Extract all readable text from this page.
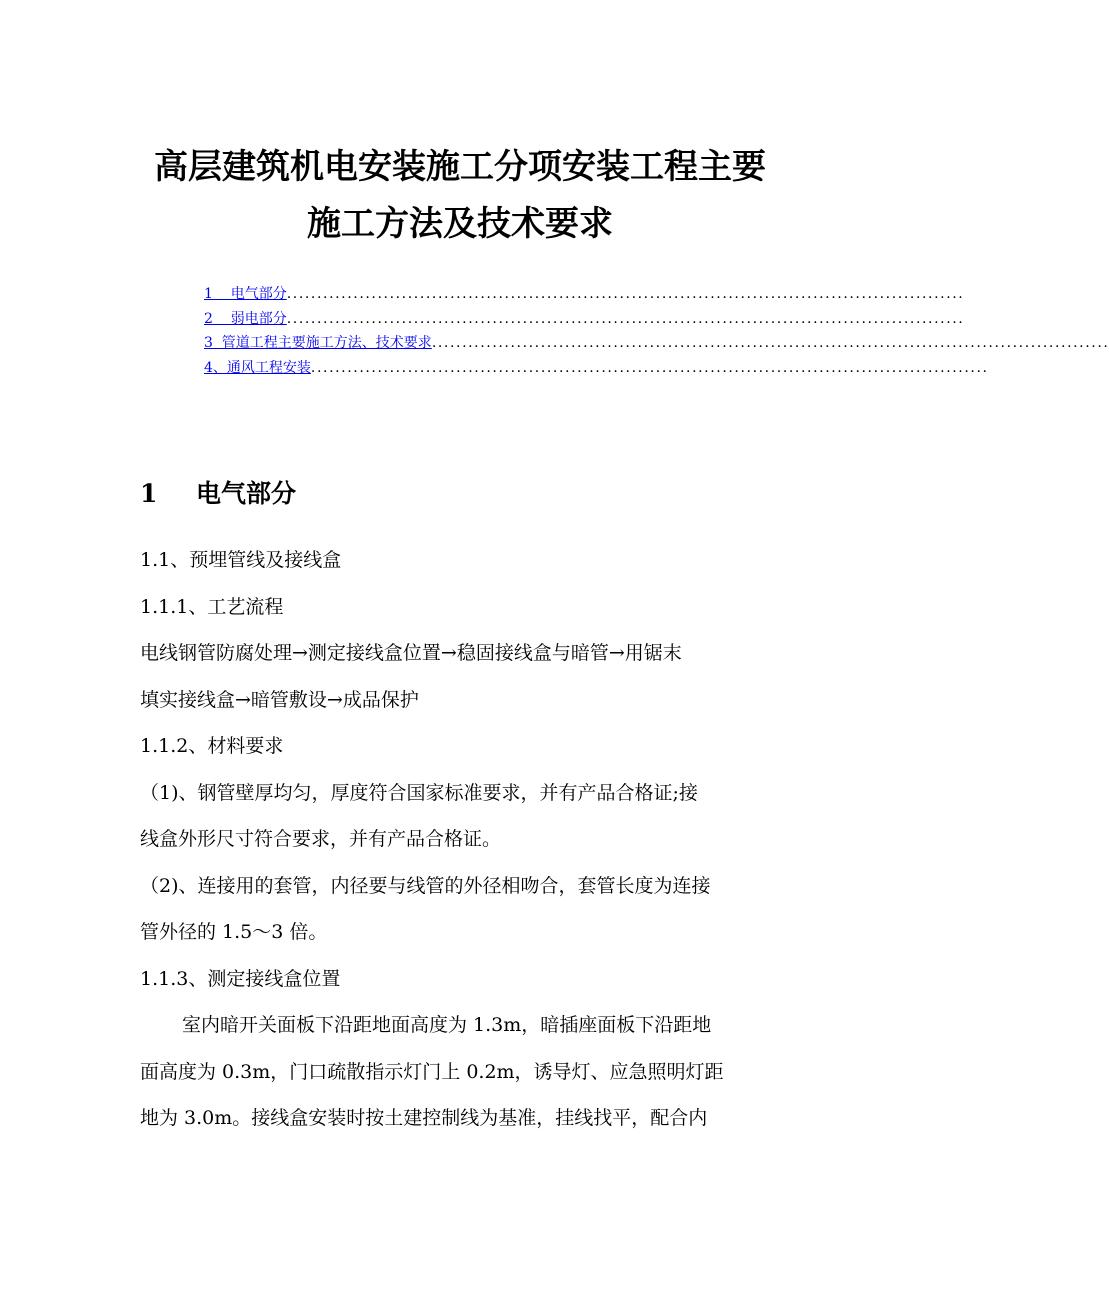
高层建筑机电安装施工分项安装工程主要
施工方法及技术要求
1    电气部分 ................................................................................................................
2    弱电部分 ................................................................................................................
3  管道工程主要施工方法、技术要求 ................................................................................................................
4、通风工程安装 ................................................................................................................
1 电气部分
1.1、预埋管线及接线盒
1.1.1、工艺流程
电线钢管防腐处理→测定接线盒位置→稳固接线盒与暗管→用锯末
填实接线盒→暗管敷设→成品保护
1.1.2、材料要求
（1)、钢管壁厚均匀，厚度符合国家标准要求，并有产品合格证;接
线盒外形尺寸符合要求，并有产品合格证。
（2)、连接用的套管，内径要与线管的外径相吻合，套管长度为连接
管外径的 1.5～3 倍。
1.1.3、测定接线盒位置
室内暗开关面板下沿距地面高度为 1.3m，暗插座面板下沿距地
面高度为 0.3m，门口疏散指示灯门上 0.2m，诱导灯、应急照明灯距
地为 3.0m。接线盒安装时按土建控制线为基准，挂线找平，配合内
